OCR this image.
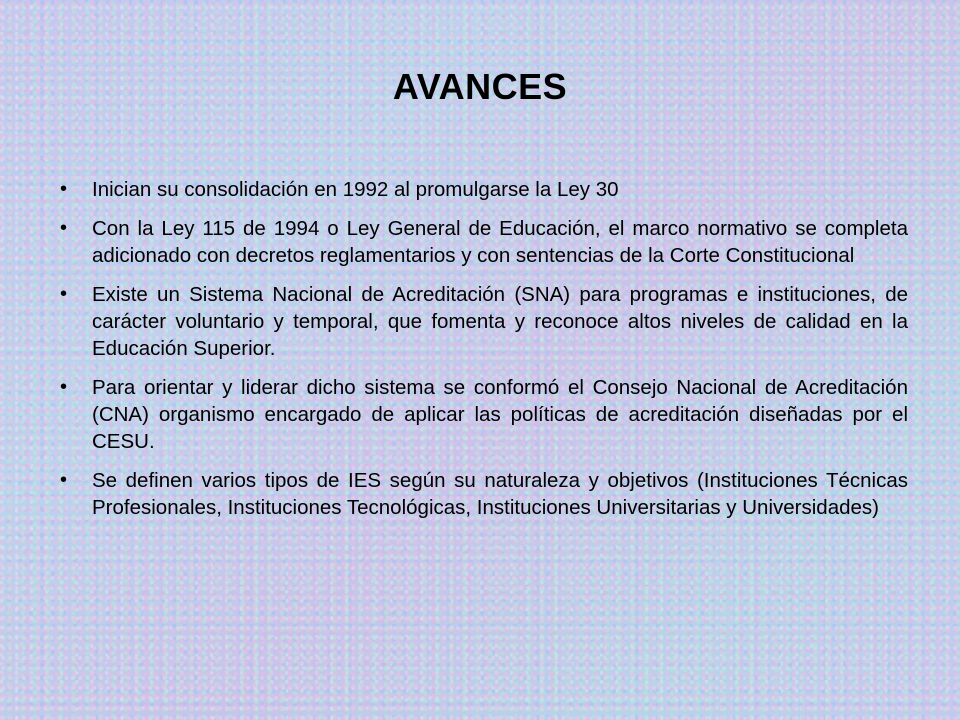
AVANCES
• Inician su consolidación en 1992 al promulgarse la Ley 30
• Con la Ley 115 de 1994 o Ley General de Educación, el marco normativo se completa adicionado con decretos reglamentarios y con sentencias de la Corte Constitucional
• Existe un Sistema Nacional de Acreditación (SNA) para programas e instituciones, de carácter voluntario y temporal, que fomenta y reconoce altos niveles de calidad en la Educación Superior.
• Para orientar y liderar dicho sistema se conformó el Consejo Nacional de Acreditación (CNA) organismo encargado de aplicar las políticas de acreditación diseñadas por el CESU.
• Se definen varios tipos de IES según su naturaleza y objetivos (Instituciones Técnicas Profesionales, Instituciones Tecnológicas, Instituciones Universitarias y Universidades)
